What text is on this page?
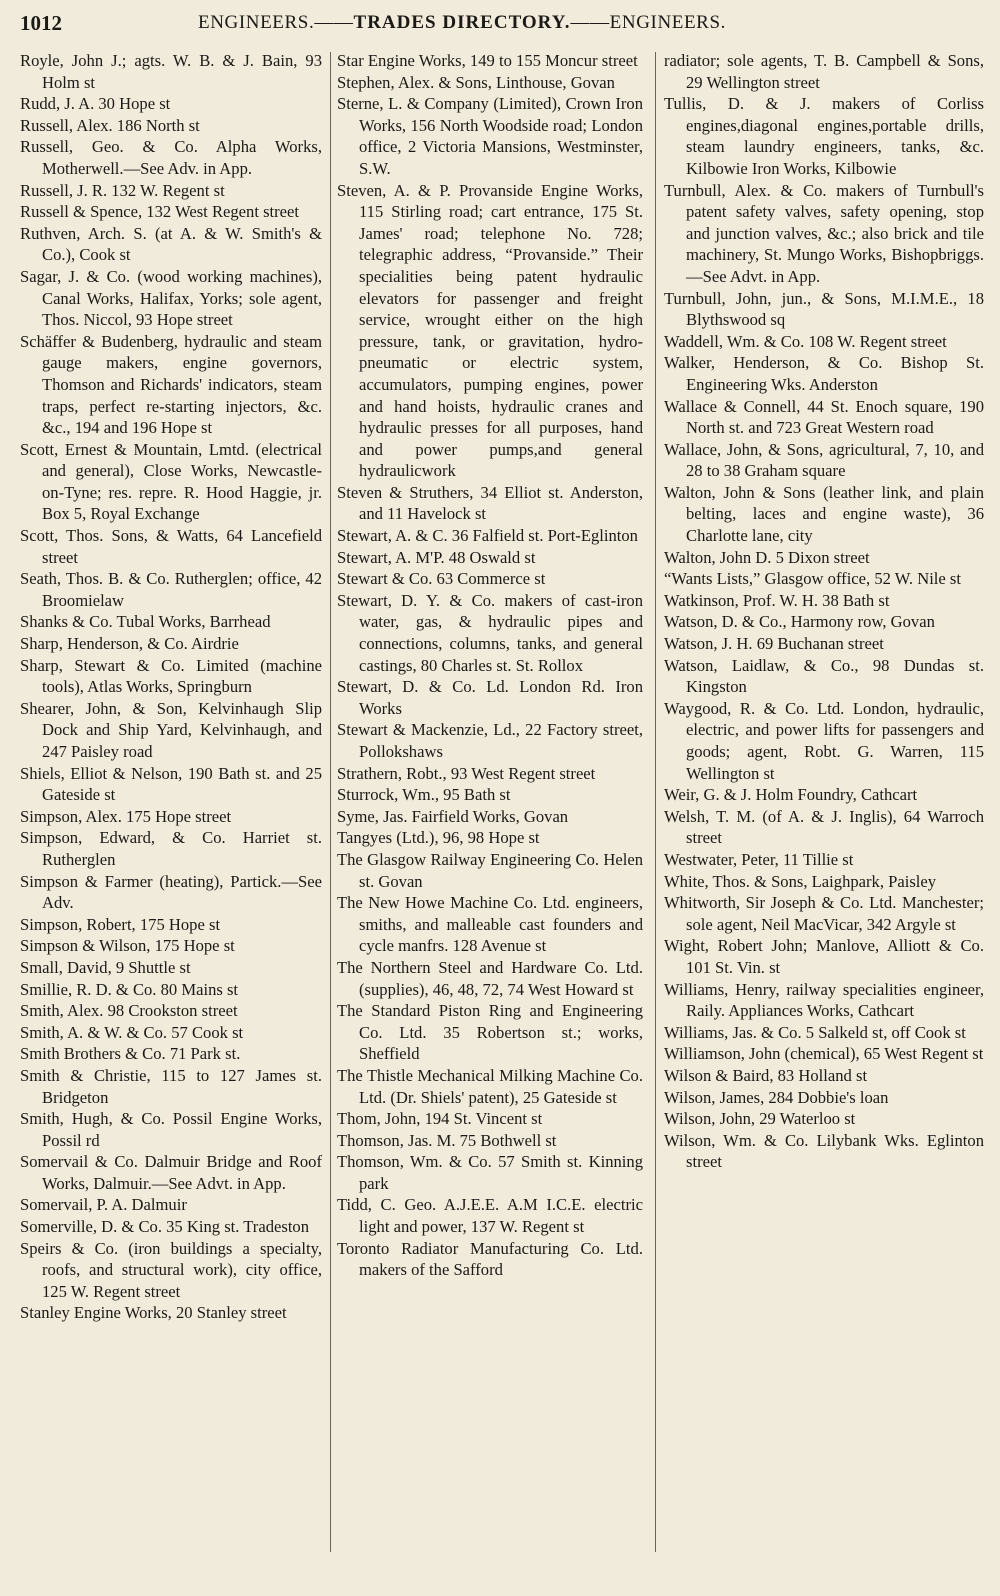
1012	ENGINEERS.——TRADES DIRECTORY.——ENGINEERS.

Royle, John J.; agts. W. B. & J. Bain, 93 Holm st

Rudd, J. A. 30 Hope st

Russell, Alex. 186 North st

Russell, Geo. & Co. Alpha Works, Motherwell.—See Adv. in App.

Russell, J. R. 132 W. Regent st

Russell & Spence, 132 West Regent street

Ruthven, Arch. S. (at A. & W. Smith's & Co.), Cook st

Sagar, J. & Co. (wood working machines), Canal Works, Halifax, Yorks; sole agent, Thos. Niccol, 93 Hope street

Schäffer & Budenberg, hydraulic and steam gauge makers, engine governors, Thomson and Richards' indicators, steam traps, perfect re-starting injectors, &c. &c., 194 and 196 Hope st

Scott, Ernest & Mountain, Lmtd. (electrical and general), Close Works, Newcastle-on-Tyne; res. repre. R. Hood Haggie, jr. Box 5, Royal Exchange

Scott, Thos. Sons, & Watts, 64 Lancefield street

Seath, Thos. B. & Co. Rutherglen; office, 42 Broomielaw

Shanks & Co. Tubal Works, Barrhead

Sharp, Henderson, & Co. Airdrie

Sharp, Stewart & Co. Limited (machine tools), Atlas Works, Springburn

Shearer, John, & Son, Kelvinhaugh Slip Dock and Ship Yard, Kelvinhaugh, and 247 Paisley road

Shiels, Elliot & Nelson, 190 Bath st. and 25 Gateside st

Simpson, Alex. 175 Hope street

Simpson, Edward, & Co. Harriet st. Rutherglen

Simpson & Farmer (heating), Partick.—See Adv.

Simpson, Robert, 175 Hope st

Simpson & Wilson, 175 Hope st

Small, David, 9 Shuttle st

Smillie, R. D. & Co. 80 Mains st

Smith, Alex. 98 Crookston street

Smith, A. & W. & Co. 57 Cook st

Smith Brothers & Co. 71 Park st.

Smith & Christie, 115 to 127 James st. Bridgeton

Smith, Hugh, & Co. Possil Engine Works, Possil rd

Somervail & Co. Dalmuir Bridge and Roof Works, Dalmuir.—See Advt. in App.

Somervail, P. A. Dalmuir

Somerville, D. & Co. 35 King st. Tradeston

Speirs & Co. (iron buildings a specialty, roofs, and structural work), city office, 125 W. Regent street

Stanley Engine Works, 20 Stanley street

Star Engine Works, 149 to 155 Moncur street

Stephen, Alex. & Sons, Linthouse, Govan

Sterne, L. & Company (Limited), Crown Iron Works, 156 North Woodside road; London office, 2 Victoria Mansions, Westminster, S.W.

Steven, A. & P. Provanside Engine Works, 115 Stirling road; cart entrance, 175 St. James' road; telephone No. 728; telegraphic address, “Provanside.” Their specialities being patent hydraulic elevators for passenger and freight service, wrought either on the high pressure, tank, or gravitation, hydro-pneumatic or electric system, accumulators, pumping engines, power and hand hoists, hydraulic cranes and hydraulic presses for all purposes, hand and power pumps,and general hydraulicwork

Steven & Struthers, 34 Elliot st. Anderston, and 11 Havelock st

Stewart, A. & C. 36 Falfield st. Port-Eglinton

Stewart, A. M'P. 48 Oswald st

Stewart & Co. 63 Commerce st

Stewart, D. Y. & Co. makers of cast-iron water, gas, & hydraulic pipes and connections, columns, tanks, and general castings, 80 Charles st. St. Rollox

Stewart, D. & Co. Ld. London Rd. Iron Works

Stewart & Mackenzie, Ld., 22 Factory street, Pollokshaws

Strathern, Robt., 93 West Regent street

Sturrock, Wm., 95 Bath st

Syme, Jas. Fairfield Works, Govan

Tangyes (Ltd.), 96, 98 Hope st

The Glasgow Railway Engineering Co. Helen st. Govan

The New Howe Machine Co. Ltd. engineers, smiths, and malleable cast founders and cycle manfrs. 128 Avenue st

The Northern Steel and Hardware Co. Ltd. (supplies), 46, 48, 72, 74 West Howard st

The Standard Piston Ring and Engineering Co. Ltd. 35 Robertson st.; works, Sheffield

The Thistle Mechanical Milking Machine Co. Ltd. (Dr. Shiels' patent), 25 Gateside st

Thom, John, 194 St. Vincent st

Thomson, Jas. M. 75 Bothwell st

Thomson, Wm. & Co. 57 Smith st. Kinning park

Tidd, C. Geo. A.J.E.E. A.M I.C.E. electric light and power, 137 W. Regent st

Toronto Radiator Manufacturing Co. Ltd. makers of the Safford

radiator; sole agents, T. B. Campbell & Sons, 29 Wellington street

Tullis, D. & J. makers of Corliss engines,diagonal engines,portable drills, steam laundry engineers, tanks, &c. Kilbowie Iron Works, Kilbowie

Turnbull, Alex. & Co. makers of Turnbull's patent safety valves, safety opening, stop and junction valves, &c.; also brick and tile machinery, St. Mungo Works, Bishopbriggs.—See Advt. in App.

Turnbull, John, jun., & Sons, M.I.M.E., 18 Blythswood sq

Waddell, Wm. & Co. 108 W. Regent street

Walker, Henderson, & Co. Bishop St. Engineering Wks. Anderston

Wallace & Connell, 44 St. Enoch square, 190 North st. and 723 Great Western road

Wallace, John, & Sons, agricultural, 7, 10, and 28 to 38 Graham square

Walton, John & Sons (leather link, and plain belting, laces and engine waste), 36 Charlotte lane, city

Walton, John D. 5 Dixon street

“Wants Lists,” Glasgow office, 52 W. Nile st

Watkinson, Prof. W. H. 38 Bath st

Watson, D. & Co., Harmony row, Govan

Watson, J. H. 69 Buchanan street

Watson, Laidlaw, & Co., 98 Dundas st. Kingston

Waygood, R. & Co. Ltd. London, hydraulic, electric, and power lifts for passengers and goods; agent, Robt. G. Warren, 115 Wellington st

Weir, G. & J. Holm Foundry, Cathcart

Welsh, T. M. (of A. & J. Inglis), 64 Warroch street

Westwater, Peter, 11 Tillie st

White, Thos. & Sons, Laighpark, Paisley

Whitworth, Sir Joseph & Co. Ltd. Manchester; sole agent, Neil MacVicar, 342 Argyle st

Wight, Robert John; Manlove, Alliott & Co. 101 St. Vin. st

Williams, Henry, railway specialities engineer, Raily. Appliances Works, Cathcart

Williams, Jas. & Co. 5 Salkeld st, off Cook st

Williamson, John (chemical), 65 West Regent st

Wilson & Baird, 83 Holland st

Wilson, James, 284 Dobbie's loan

Wilson, John, 29 Waterloo st

Wilson, Wm. & Co. Lilybank Wks. Eglinton street
